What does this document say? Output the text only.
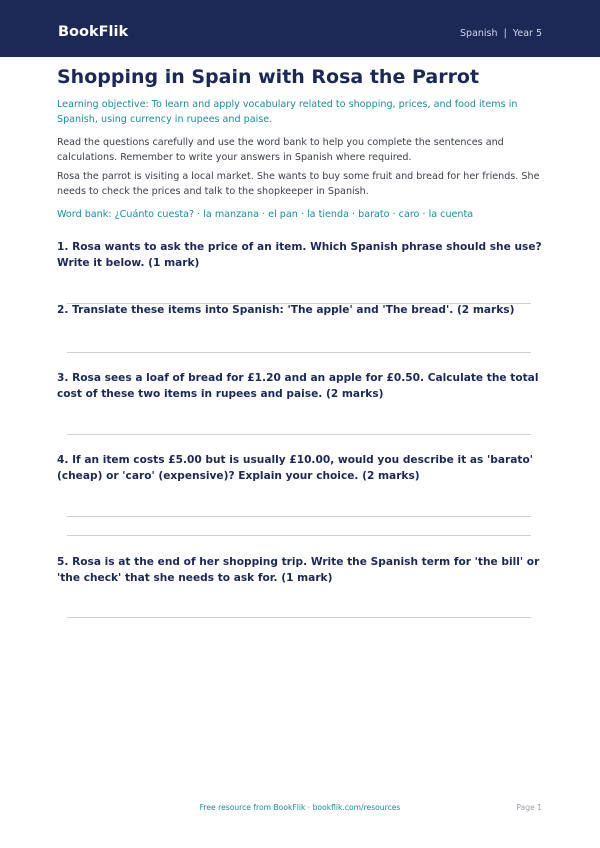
BookFlik	Spanish  |  Year 5
Shopping in Spain with Rosa the Parrot

Learning objective: To learn and apply vocabulary related to shopping, prices, and food items in Spanish, using currency in rupees and paise.

Read the questions carefully and use the word bank to help you complete the sentences and calculations. Remember to write your answers in Spanish where required.

Rosa the parrot is visiting a local market. She wants to buy some fruit and bread for her friends. She needs to check the prices and talk to the shopkeeper in Spanish.

Word bank: ¿Cuánto cuesta? · la manzana · el pan · la tienda · barato · caro · la cuenta

1. Rosa wants to ask the price of an item. Which Spanish phrase should she use? Write it below. (1 mark)

2. Translate these items into Spanish: 'The apple' and 'The bread'. (2 marks)

3. Rosa sees a loaf of bread for £1.20 and an apple for £0.50. Calculate the total cost of these two items in rupees and paise. (2 marks)

4. If an item costs £5.00 but is usually £10.00, would you describe it as 'barato' (cheap) or 'caro' (expensive)? Explain your choice. (2 marks)

5. Rosa is at the end of her shopping trip. Write the Spanish term for 'the bill' or 'the check' that she needs to ask for. (1 mark)

Free resource from BookFlik · bookflik.com/resources	Page 1
